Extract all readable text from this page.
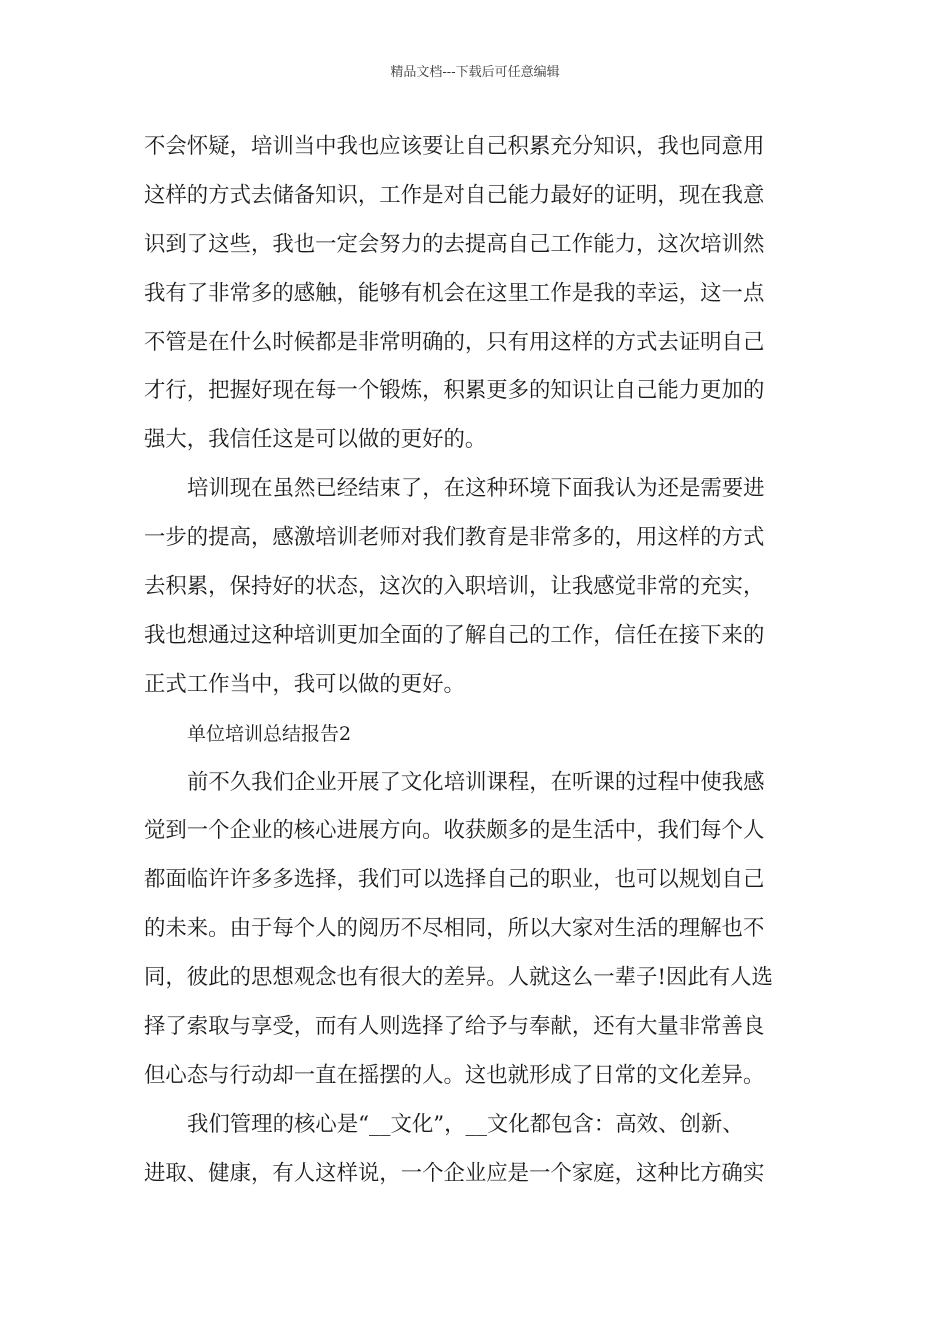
精品文档---下载后可任意编辑
不会怀疑，培训当中我也应该要让自己积累充分知识，我也同意用
这样的方式去储备知识，工作是对自己能力最好的证明，现在我意
识到了这些，我也一定会努力的去提高自己工作能力，这次培训然
我有了非常多的感触，能够有机会在这里工作是我的幸运，这一点
不管是在什么时候都是非常明确的，只有用这样的方式去证明自己
才行，把握好现在每一个锻炼，积累更多的知识让自己能力更加的
强大，我信任这是可以做的更好的。
培训现在虽然已经结束了，在这种环境下面我认为还是需要进
一步的提高，感激培训老师对我们教育是非常多的，用这样的方式
去积累，保持好的状态，这次的入职培训，让我感觉非常的充实，
我也想通过这种培训更加全面的了解自己的工作，信任在接下来的
正式工作当中，我可以做的更好。
单位培训总结报告2
前不久我们企业开展了文化培训课程，在听课的过程中使我感
觉到一个企业的核心进展方向。收获颇多的是生活中，我们每个人
都面临许许多多选择，我们可以选择自己的职业，也可以规划自己
的未来。由于每个人的阅历不尽相同，所以大家对生活的理解也不
同，彼此的思想观念也有很大的差异。人就这么一辈子!因此有人选
择了索取与享受，而有人则选择了给予与奉献，还有大量非常善良
但心态与行动却一直在摇摆的人。这也就形成了日常的文化差异。
我们管理的核心是“__文化”，__文化都包含：高效、创新、
进取、健康，有人这样说，一个企业应是一个家庭，这种比方确实
